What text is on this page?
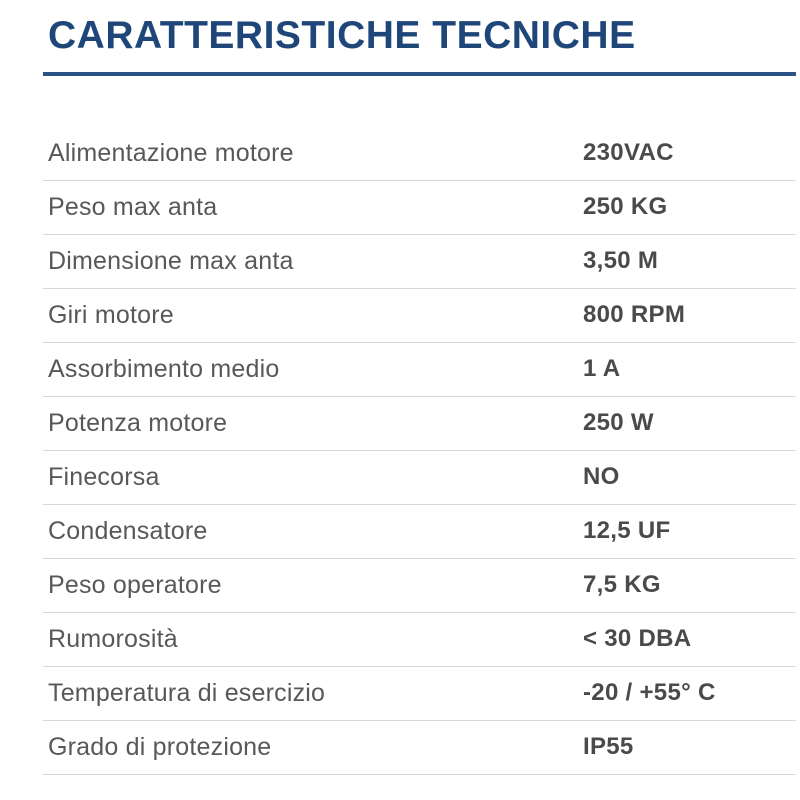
CARATTERISTICHE TECNICHE
Alimentazione motore	230VAC
Peso max anta	250 KG
Dimensione max anta	3,50 M
Giri motore	800 RPM
Assorbimento medio	1 A
Potenza motore	250 W
Finecorsa	NO
Condensatore	12,5 UF
Peso operatore	7,5 KG
Rumorosità	< 30 DBA
Temperatura di esercizio	-20 / +55° C
Grado di protezione	IP55
